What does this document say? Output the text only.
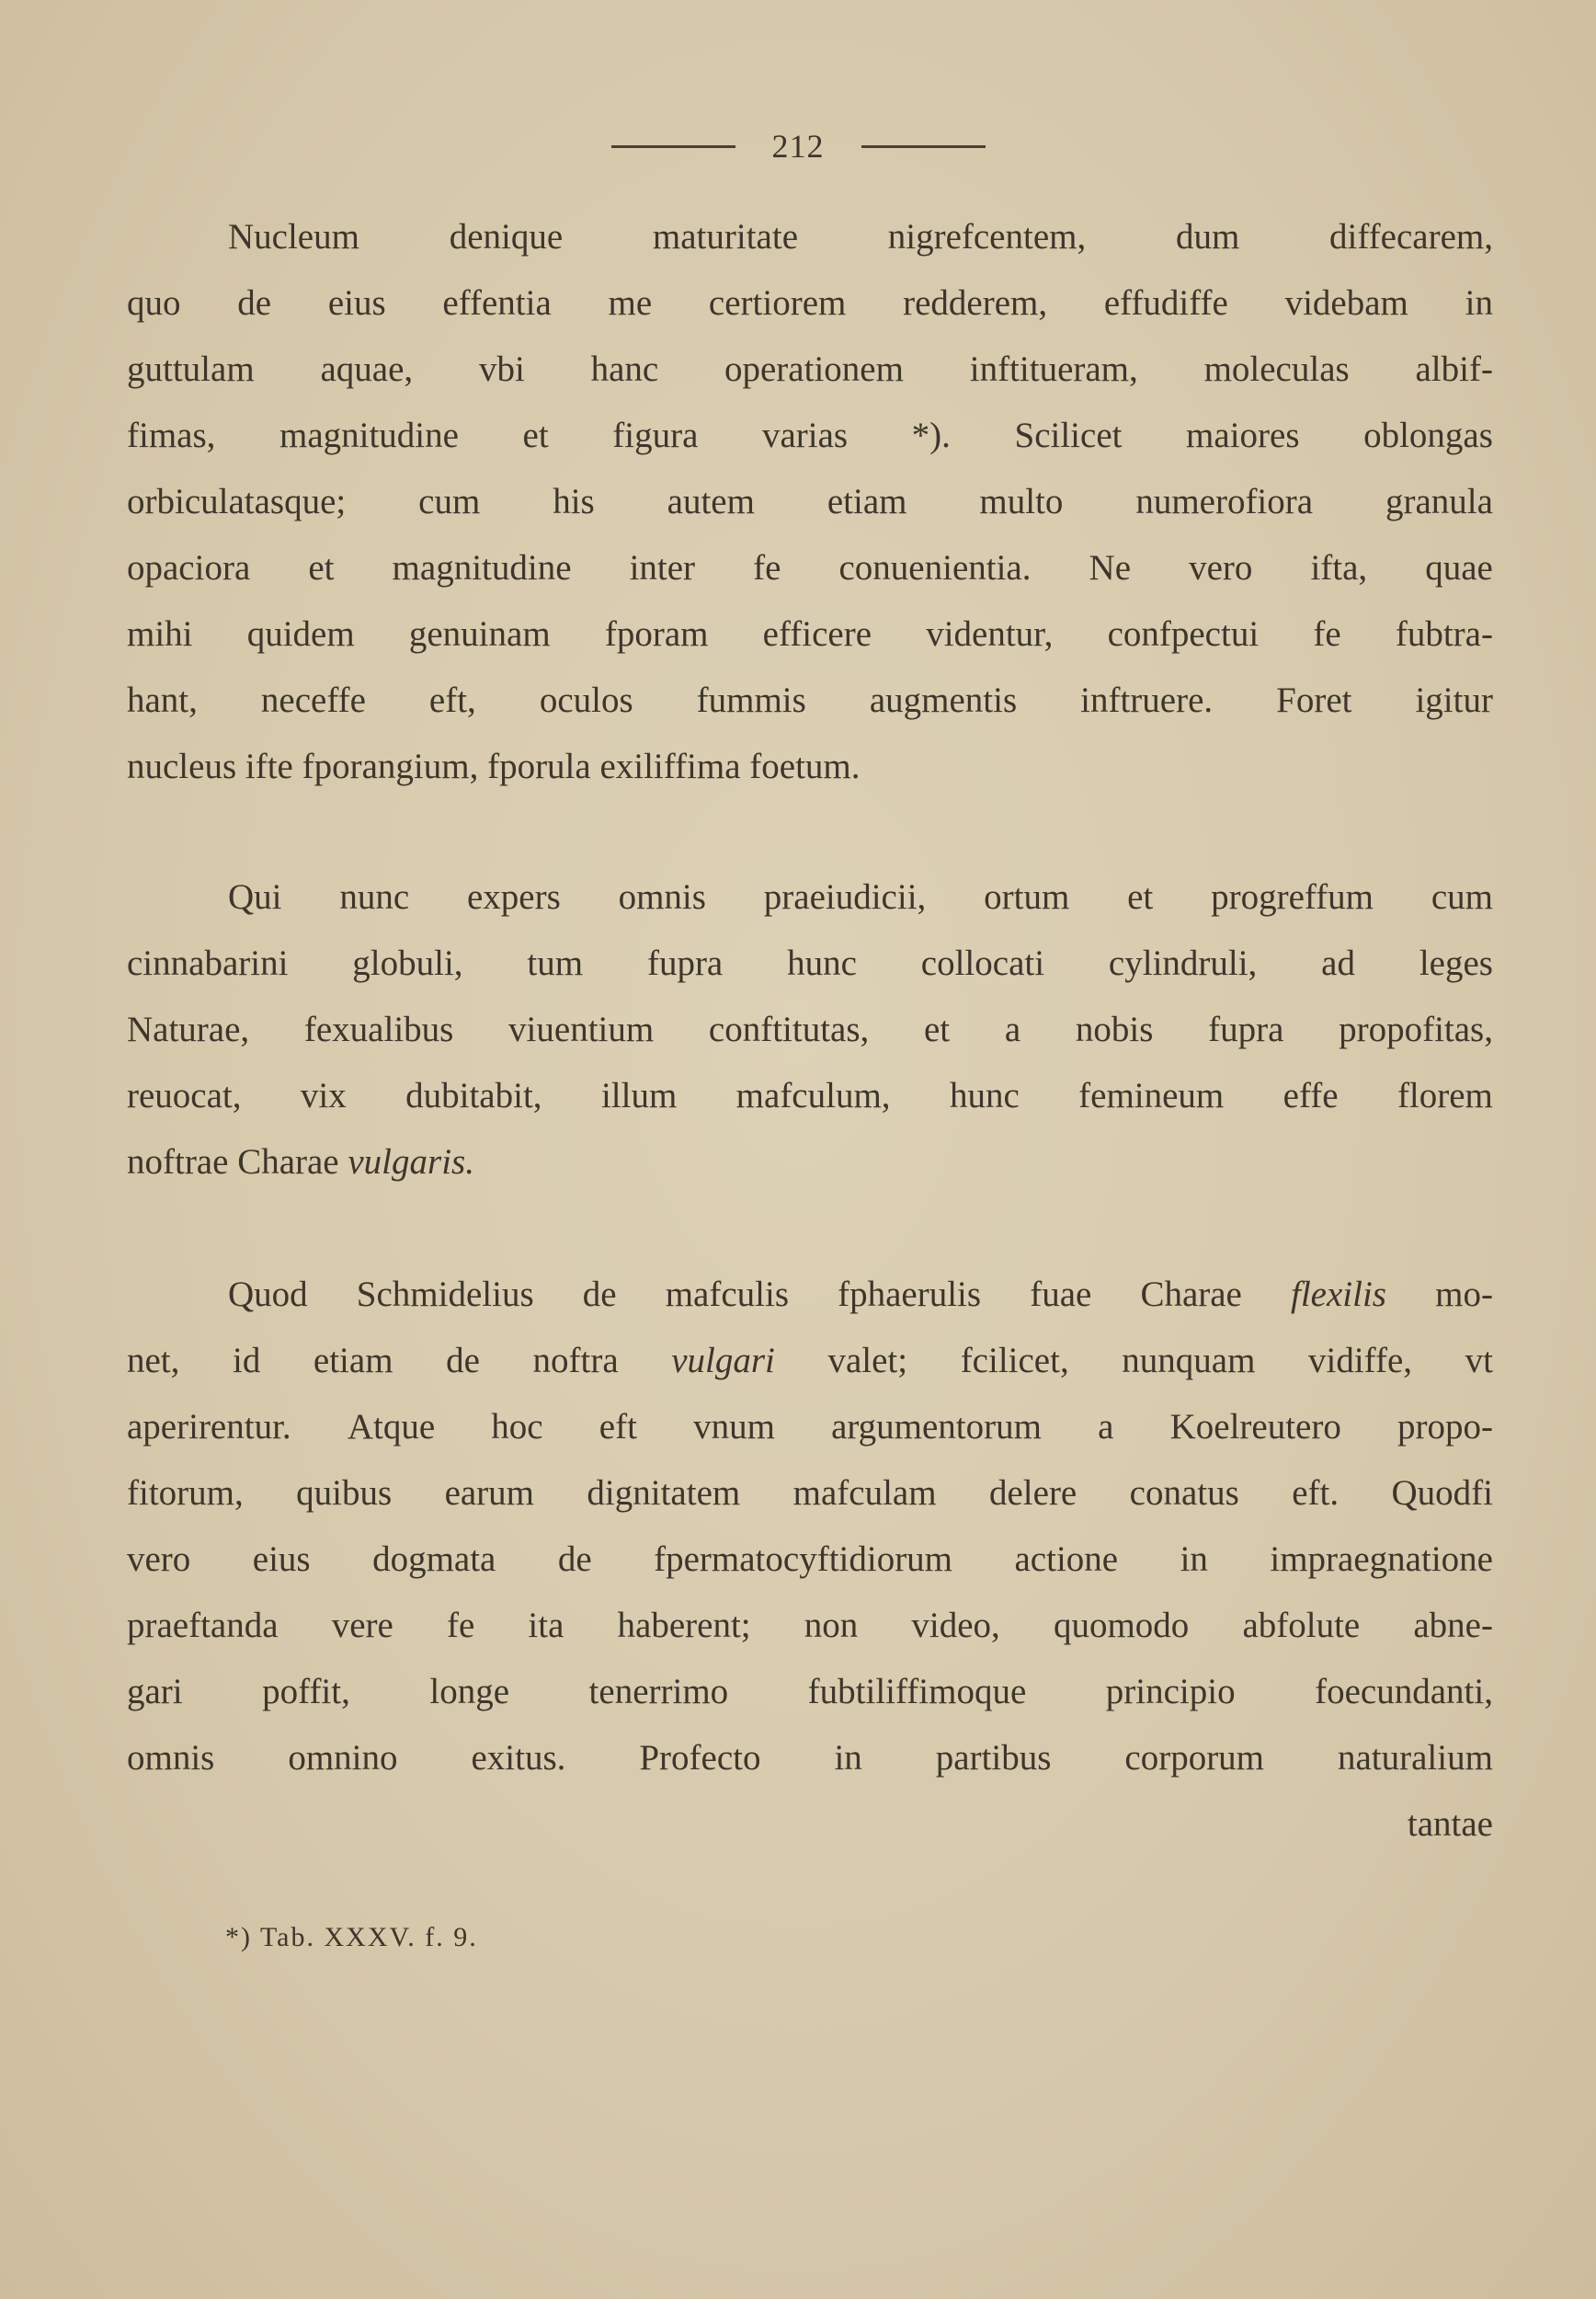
212
Nucleum	denique	maturitate	nigrefcentem,	dum	diffecarem,
quo de eius effentia me certiorem redderem, effudiffe videbam in
guttulam aquae, vbi hanc operationem inftitueram, moleculas albif-
fimas, magnitudine et figura varias *). Scilicet maiores oblongas
orbiculatasque; cum his autem etiam multo numerofiora granula
opaciora et magnitudine inter fe conuenientia. Ne vero ifta, quae
mihi quidem genuinam fporam efficere videntur, confpectui fe fubtra-
hant, neceffe eft, oculos fummis augmentis inftruere. Foret igitur
nucleus
ifte
fporangium,
fporula
exiliffima
foetum.

Qui nunc expers omnis praeiudicii, ortum et progreffum cum
cinnabarini globuli, tum fupra hunc collocati cylindruli, ad leges
Naturae, fexualibus viuentium conftitutas, et a nobis fupra propofitas,
reuocat, vix dubitabit, illum mafculum, hunc femineum effe florem
noftrae
Charae
vulgaris.

Quod Schmidelius de mafculis fphaerulis fuae Charae flexilis mo-
net, id etiam de noftra vulgari valet; fcilicet, nunquam vidiffe, vt
aperirentur. Atque hoc eft vnum argumentorum a Koelreutero propo-
fitorum, quibus earum dignitatem mafculam delere conatus eft. Quodfi
vero eius dogmata de fpermatocyftidiorum actione in impraegnatione
praeftanda vere fe ita haberent; non video, quomodo abfolute abne-
gari poffit, longe tenerrimo fubtiliffimoque principio foecundanti,
omnis omnino exitus. Profecto in partibus corporum naturalium
tantae
*) Tab. XXXV. f. 9.
